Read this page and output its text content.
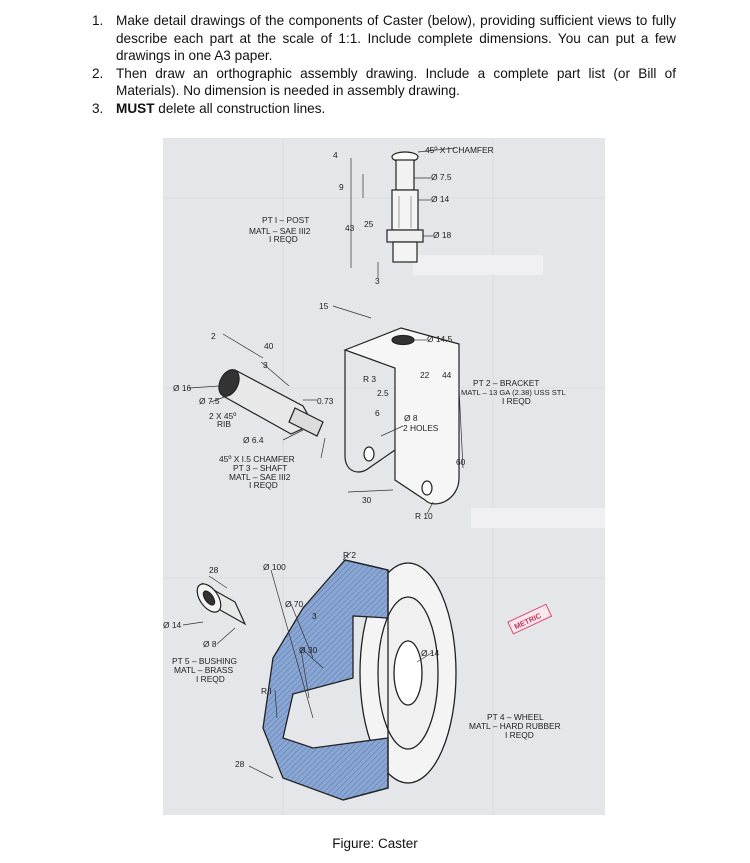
1. Make detail drawings of the components of Caster (below), providing sufficient views to fully describe each part at the scale of 1:1. Include complete dimensions. You can put a few drawings in one A3 paper.
2. Then draw an orthographic assembly drawing. Include a complete part list (or Bill of Materials). No dimension is needed in assembly drawing.
3. MUST delete all construction lines.
45º X I CHAMFER
Ø 7.5
Ø 14
Ø 18
4
9
43 25
3
PT I – POST
MATL – SAE III2
I REQD
Ø 14.5
15
22 44
R 3
2.5
6	Ø 8
2 HOLES
60
30
R 10
PT 2 – BRACKET
MATL – 13 GA (2.38) USS STL
I REQD
2
40
3
Ø 16
Ø 7.5
2 X 45º
RIB
Ø 6.4
0.73
45º X I.5 CHAMFER
PT 3 – SHAFT
MATL – SAE III2
I REQD
28
Ø 14
Ø 8
PT 5 – BUSHING
MATL – BRASS
I REQD
Ø 100
R 2
Ø 70
3
Ø 30	Ø 14
R I
28
PT 4 – WHEEL
MATL – HARD RUBBER
I REQD
METRIC
Figure: Caster
